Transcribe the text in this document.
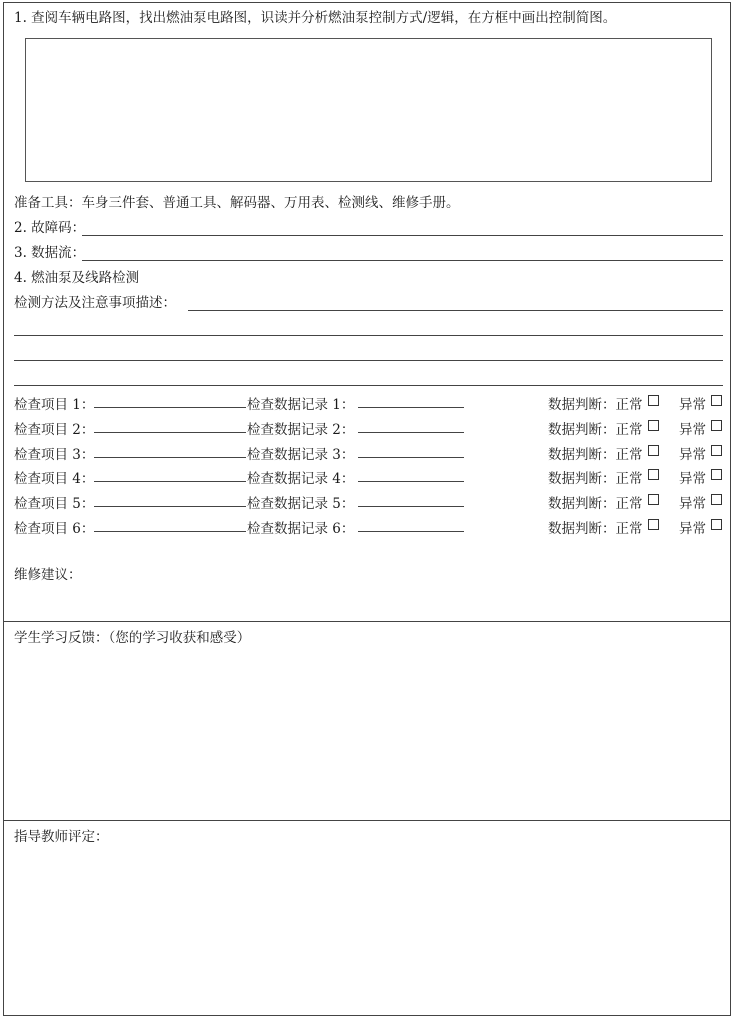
1. 查阅车辆电路图，找出燃油泵电路图，识读并分析燃油泵控制方式/逻辑，在方框中画出控制简图。
准备工具：车身三件套、普通工具、解码器、万用表、检测线、维修手册。
2. 故障码：
3. 数据流：
4. 燃油泵及线路检测
检测方法及注意事项描述：
检查项目 1：	检查数据记录 1：	数据判断：正常	异常
检查项目 2：	检查数据记录 2：	数据判断：正常	异常
检查项目 3：	检查数据记录 3：	数据判断：正常	异常
检查项目 4：	检查数据记录 4：	数据判断：正常	异常
检查项目 5：	检查数据记录 5：	数据判断：正常	异常
检查项目 6：	检查数据记录 6：	数据判断：正常	异常
维修建议：
学生学习反馈：（您的学习收获和感受）
指导教师评定：
